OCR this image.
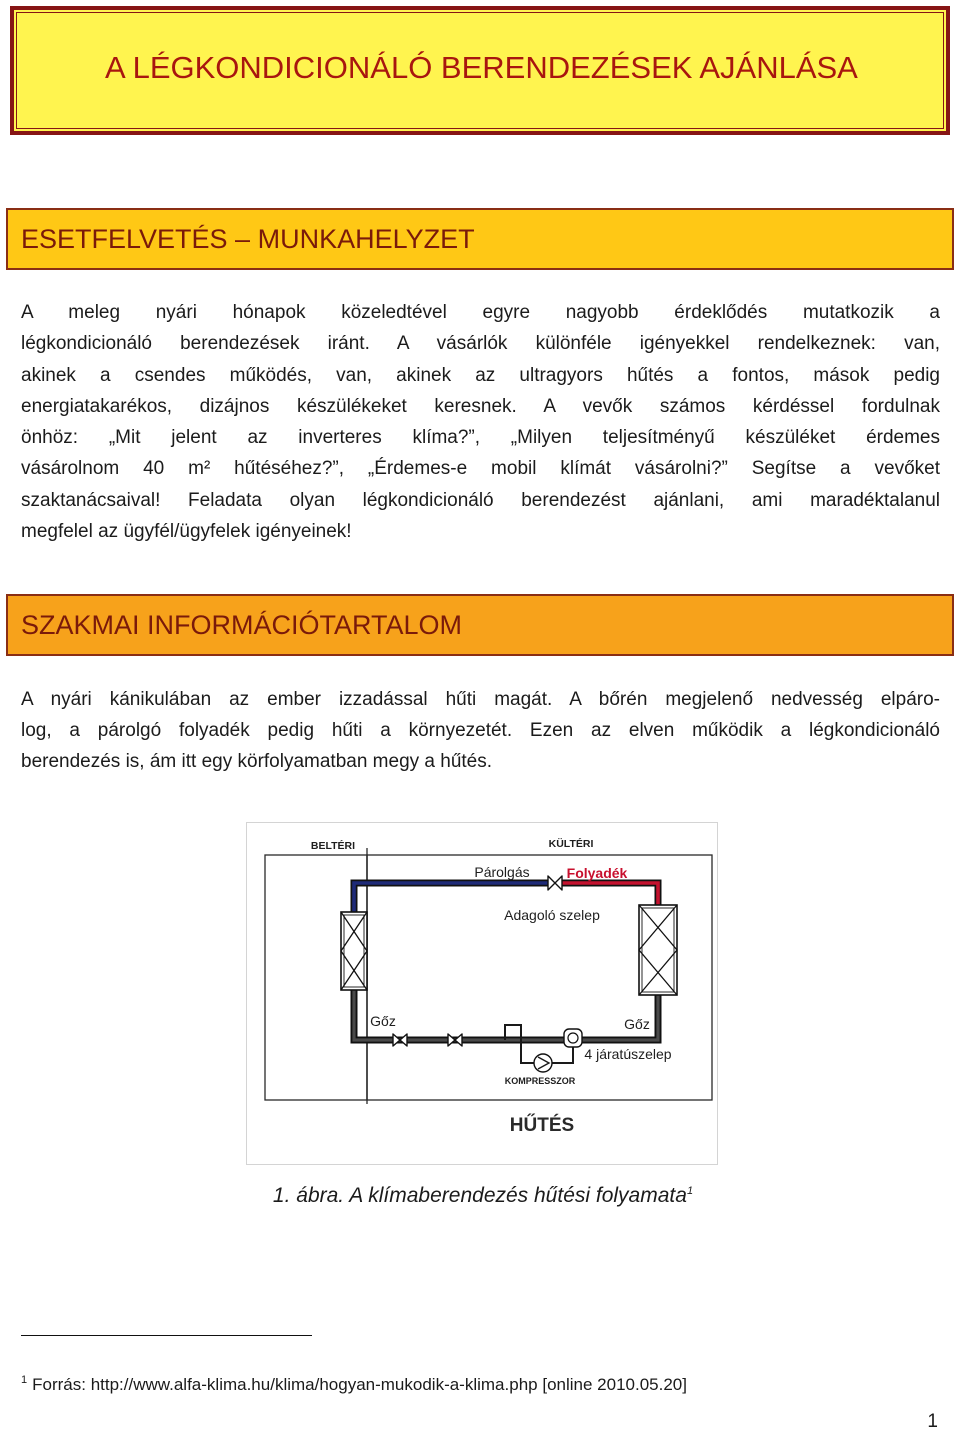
A LÉGKONDICIONÁLÓ BERENDEZÉSEK AJÁNLÁSA
ESETFELVETÉS – MUNKAHELYZET
A meleg nyári hónapok közeledtével egyre nagyobb érdeklődés mutatkozik a
légkondicionáló berendezések iránt. A vásárlók különféle igényekkel rendelkeznek: van,
akinek a csendes működés, van, akinek az ultragyors hűtés a fontos, mások pedig
energiatakarékos, dizájnos készülékeket keresnek. A vevők számos kérdéssel fordulnak
önhöz: „Mit jelent az inverteres klíma?”, „Milyen teljesítményű készüléket érdemes
vásárolnom 40 m² hűtéséhez?”, „Érdemes-e mobil klímát vásárolni?” Segítse a vevőket
szaktanácsaival! Feladata olyan légkondicionáló berendezést ajánlani, ami maradéktalanul
megfelel az ügyfél/ügyfelek igényeinek!
SZAKMAI INFORMÁCIÓTARTALOM
A nyári kánikulában az ember izzadással hűti magát. A bőrén megjelenő nedvesség elpáro-
log, a párolgó folyadék pedig hűti a környezetét. Ezen az elven működik a légkondicionáló
berendezés is, ám itt egy körfolyamatban megy a hűtés.
BELTÉRI	KÜLTÉRI
Párolgás	Folyadék
Adagoló szelep
Gőz	Gőz
4 járatúszelep
KOMPRESSZOR
HŰTÉS
1. ábra. A klímaberendezés hűtési folyamata$^1$
$^1$ Forrás: http://www.alfa-klima.hu/klima/hogyan-mukodik-a-klima.php [online 2010.05.20]
1
